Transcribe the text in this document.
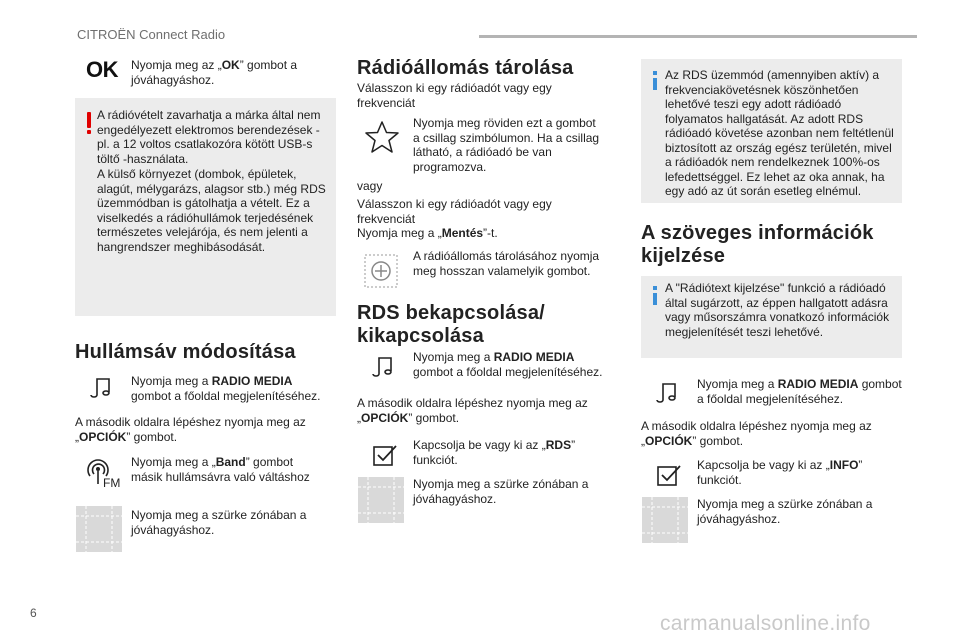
CITROËN Connect Radio
OK Nyomja meg az „OK” gombot a jóváhagyáshoz.
A rádióvételt zavarhatja a márka által nem engedélyezett elektromos berendezések -pl. a 12 voltos csatlakozóra kötött USB-s töltő -használata.
A külső környezet (dombok, épületek, alagút, mélygarázs, alagsor stb.) még RDS üzemmódban is gátolhatja a vételt. Ez a viselkedés a rádióhullámok terjedésének természetes velejárója, és nem jelenti a hangrendszer meghibásodását.
Hullámsáv módosítása
Nyomja meg a RADIO MEDIA gombot a főoldal megjelenítéséhez.
A második oldalra lépéshez nyomja meg az „OPCIÓK” gombot.
FM
Nyomja meg a „Band” gombot másik hullámsávra való váltáshoz
Nyomja meg a szürke zónában a jóváhagyáshoz.
Rádióállomás tárolása
Válasszon ki egy rádióadót vagy egy frekvenciát
Nyomja meg röviden ezt a gombot a csillag szimbólumon. Ha a csillag látható, a rádióadó be van programozva.
vagy
Válasszon ki egy rádióadót vagy egy frekvenciát
Nyomja meg a „Mentés”-t.
A rádióállomás tárolásához nyomja meg hosszan valamelyik gombot.
RDS bekapcsolása/ kikapcsolása
Nyomja meg a RADIO MEDIA gombot a főoldal megjelenítéséhez.
A második oldalra lépéshez nyomja meg az „OPCIÓK” gombot.
Kapcsolja be vagy ki az „RDS” funkciót.
Nyomja meg a szürke zónában a jóváhagyáshoz.
Az RDS üzemmód (amennyiben aktív) a frekvenciakövetésnek köszönhetően lehetővé teszi egy adott rádióadó folyamatos hallgatását. Az adott RDS rádióadó követése azonban nem feltétlenül biztosított az ország egész területén, mivel a rádióadók nem rendelkeznek 100%-os lefedettséggel. Ez lehet az oka annak, ha egy adó az út során esetleg elnémul.
A szöveges információk kijelzése
A "Rádiótext kijelzése" funkció a rádióadó által sugárzott, az éppen hallgatott adásra vagy műsorszámra vonatkozó információk megjelenítését teszi lehetővé.
Nyomja meg a RADIO MEDIA gombot a főoldal megjelenítéséhez.
A második oldalra lépéshez nyomja meg az „OPCIÓK” gombot.
Kapcsolja be vagy ki az „INFO” funkciót.
Nyomja meg a szürke zónában a jóváhagyáshoz.
6	carmanualsonline.info
